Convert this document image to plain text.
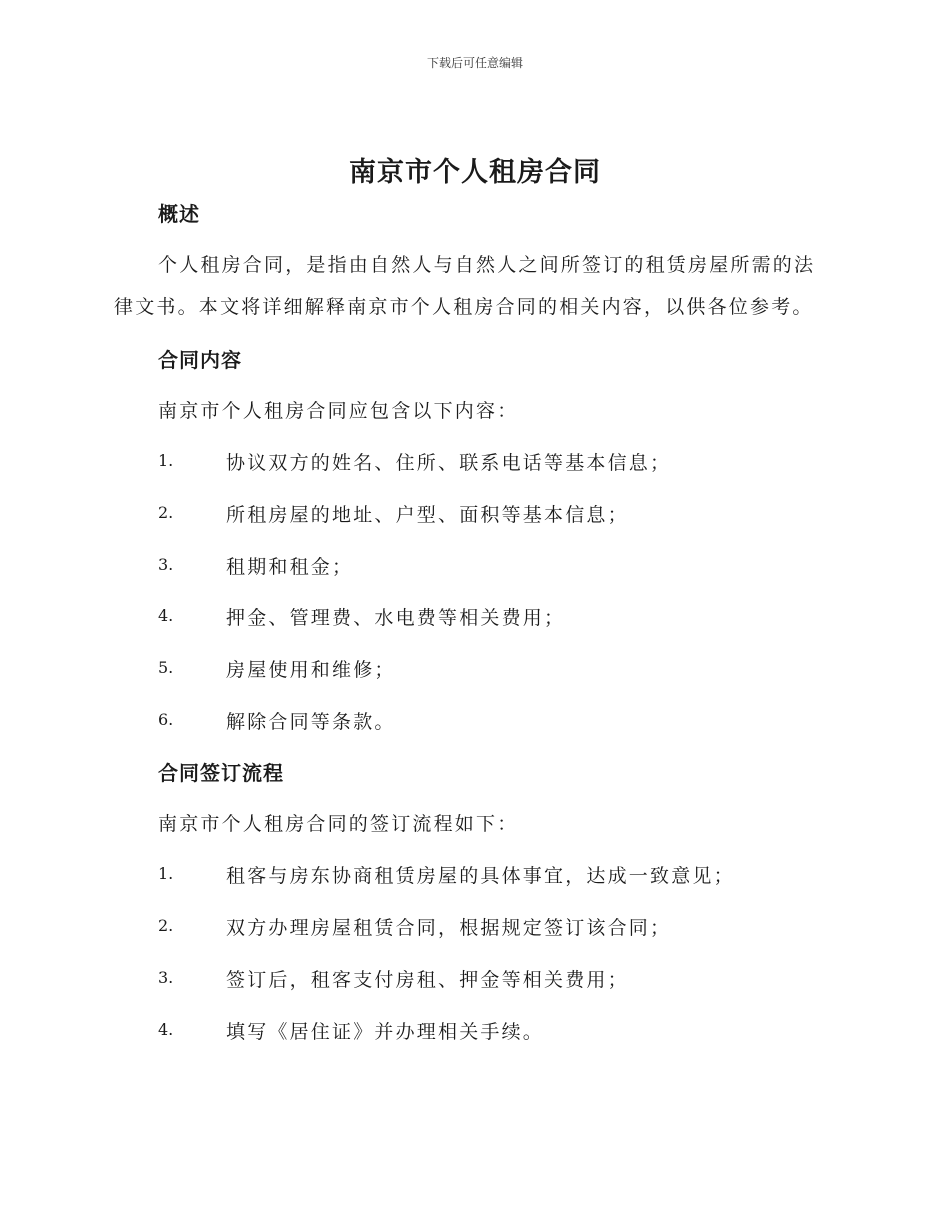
下载后可任意编辑
南京市个人租房合同
概述
个人租房合同，是指由自然人与自然人之间所签订的租赁房屋所需的法
律文书。本文将详细解释南京市个人租房合同的相关内容，以供各位参考。
合同内容
南京市个人租房合同应包含以下内容：
1.	协议双方的姓名、住所、联系电话等基本信息；
2.	所租房屋的地址、户型、面积等基本信息；
3.	租期和租金；
4.	押金、管理费、水电费等相关费用；
5.	房屋使用和维修；
6.	解除合同等条款。
合同签订流程
南京市个人租房合同的签订流程如下：
1.	租客与房东协商租赁房屋的具体事宜，达成一致意见；
2.	双方办理房屋租赁合同，根据规定签订该合同；
3.	签订后，租客支付房租、押金等相关费用；
4.	填写《居住证》并办理相关手续。
